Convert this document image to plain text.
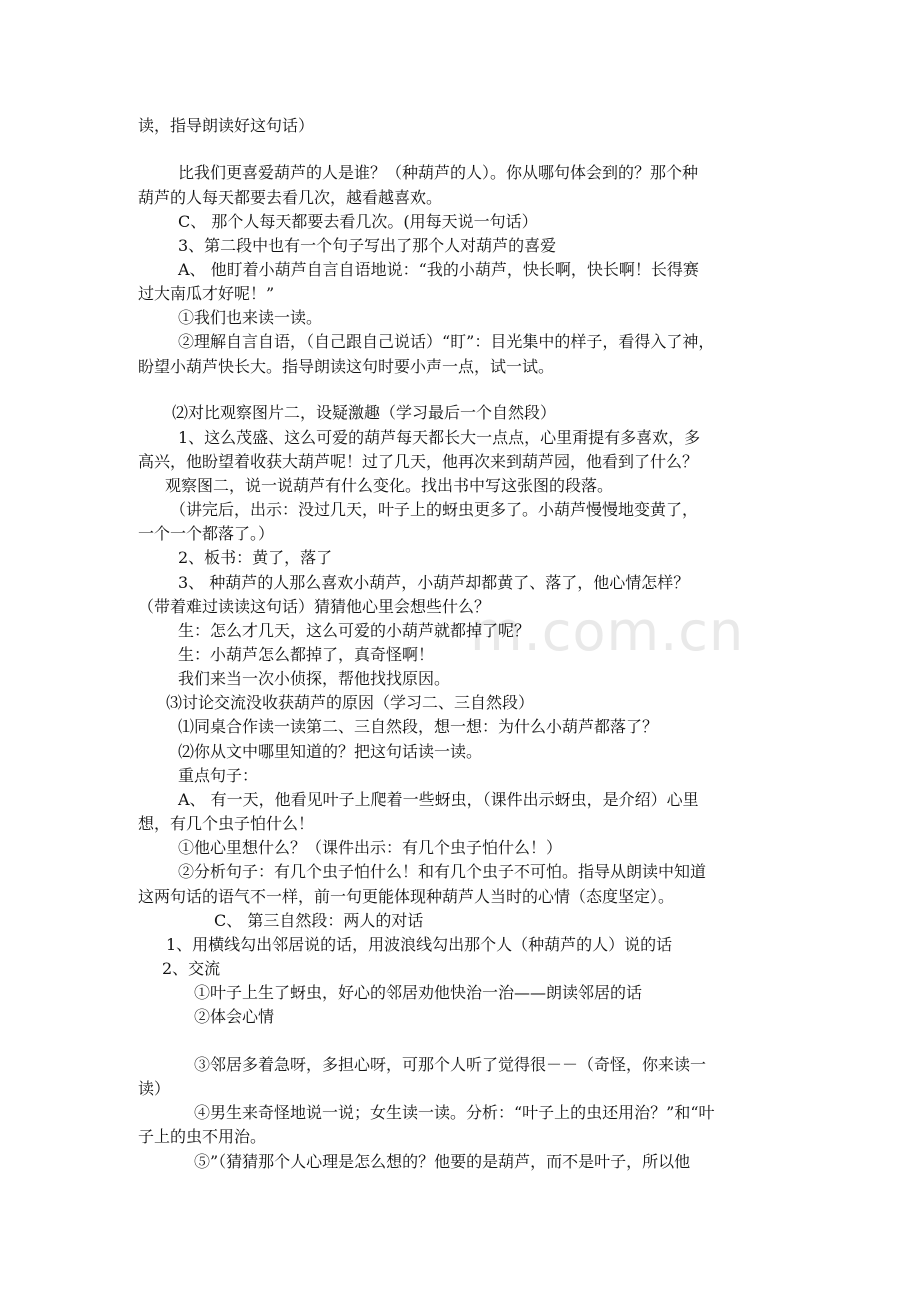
m.com.cn
读，指导朗读好这句话）
比我们更喜爱葫芦的人是谁？（种葫芦的人）。你从哪句体会到的？那个种
葫芦的人每天都要去看几次，越看越喜欢。
C、 那个人每天都要去看几次。(用每天说一句话）
3、第二段中也有一个句子写出了那个人对葫芦的喜爱
A、 他盯着小葫芦自言自语地说：“我的小葫芦，快长啊，快长啊！长得赛
过大南瓜才好呢！”
①我们也来读一读。
②理解自言自语，（自己跟自己说话）“盯”：目光集中的样子，看得入了神，
盼望小葫芦快长大。指导朗读这句时要小声一点，试一试。
⑵对比观察图片二，设疑激趣（学习最后一个自然段）
1、这么茂盛、这么可爱的葫芦每天都长大一点点，心里甭提有多喜欢，多
高兴，他盼望着收获大葫芦呢！过了几天，他再次来到葫芦园，他看到了什么？
观察图二，说一说葫芦有什么变化。找出书中写这张图的段落。
（讲完后，出示：没过几天，叶子上的蚜虫更多了。小葫芦慢慢地变黄了，
一个一个都落了。）
2、板书：黄了，落了
3、 种葫芦的人那么喜欢小葫芦，小葫芦却都黄了、落了，他心情怎样？
（带着难过读读这句话）猜猜他心里会想些什么？
生：怎么才几天，这么可爱的小葫芦就都掉了呢？
生：小葫芦怎么都掉了，真奇怪啊！
我们来当一次小侦探，帮他找找原因。
⑶讨论交流没收获葫芦的原因（学习二、三自然段）
⑴同桌合作读一读第二、三自然段，想一想：为什么小葫芦都落了？
⑵你从文中哪里知道的？把这句话读一读。
重点句子：
A、 有一天，他看见叶子上爬着一些蚜虫，（课件出示蚜虫，是介绍）心里
想，有几个虫子怕什么！
①他心里想什么？（课件出示：有几个虫子怕什么！）
②分析句子：有几个虫子怕什么！和有几个虫子不可怕。指导从朗读中知道
这两句话的语气不一样，前一句更能体现种葫芦人当时的心情（态度坚定）。
C、 第三自然段：两人的对话
1、用横线勾出邻居说的话，用波浪线勾出那个人（种葫芦的人）说的话
2、交流
①叶子上生了蚜虫，好心的邻居劝他快治一治——朗读邻居的话
②体会心情
③邻居多着急呀，多担心呀，可那个人听了觉得很－－（奇怪，你来读一
读）
④男生来奇怪地说一说；女生读一读。分析：“叶子上的虫还用治？”和“叶
子上的虫不用治。
⑤”（猜猜那个人心理是怎么想的？他要的是葫芦，而不是叶子，所以他
